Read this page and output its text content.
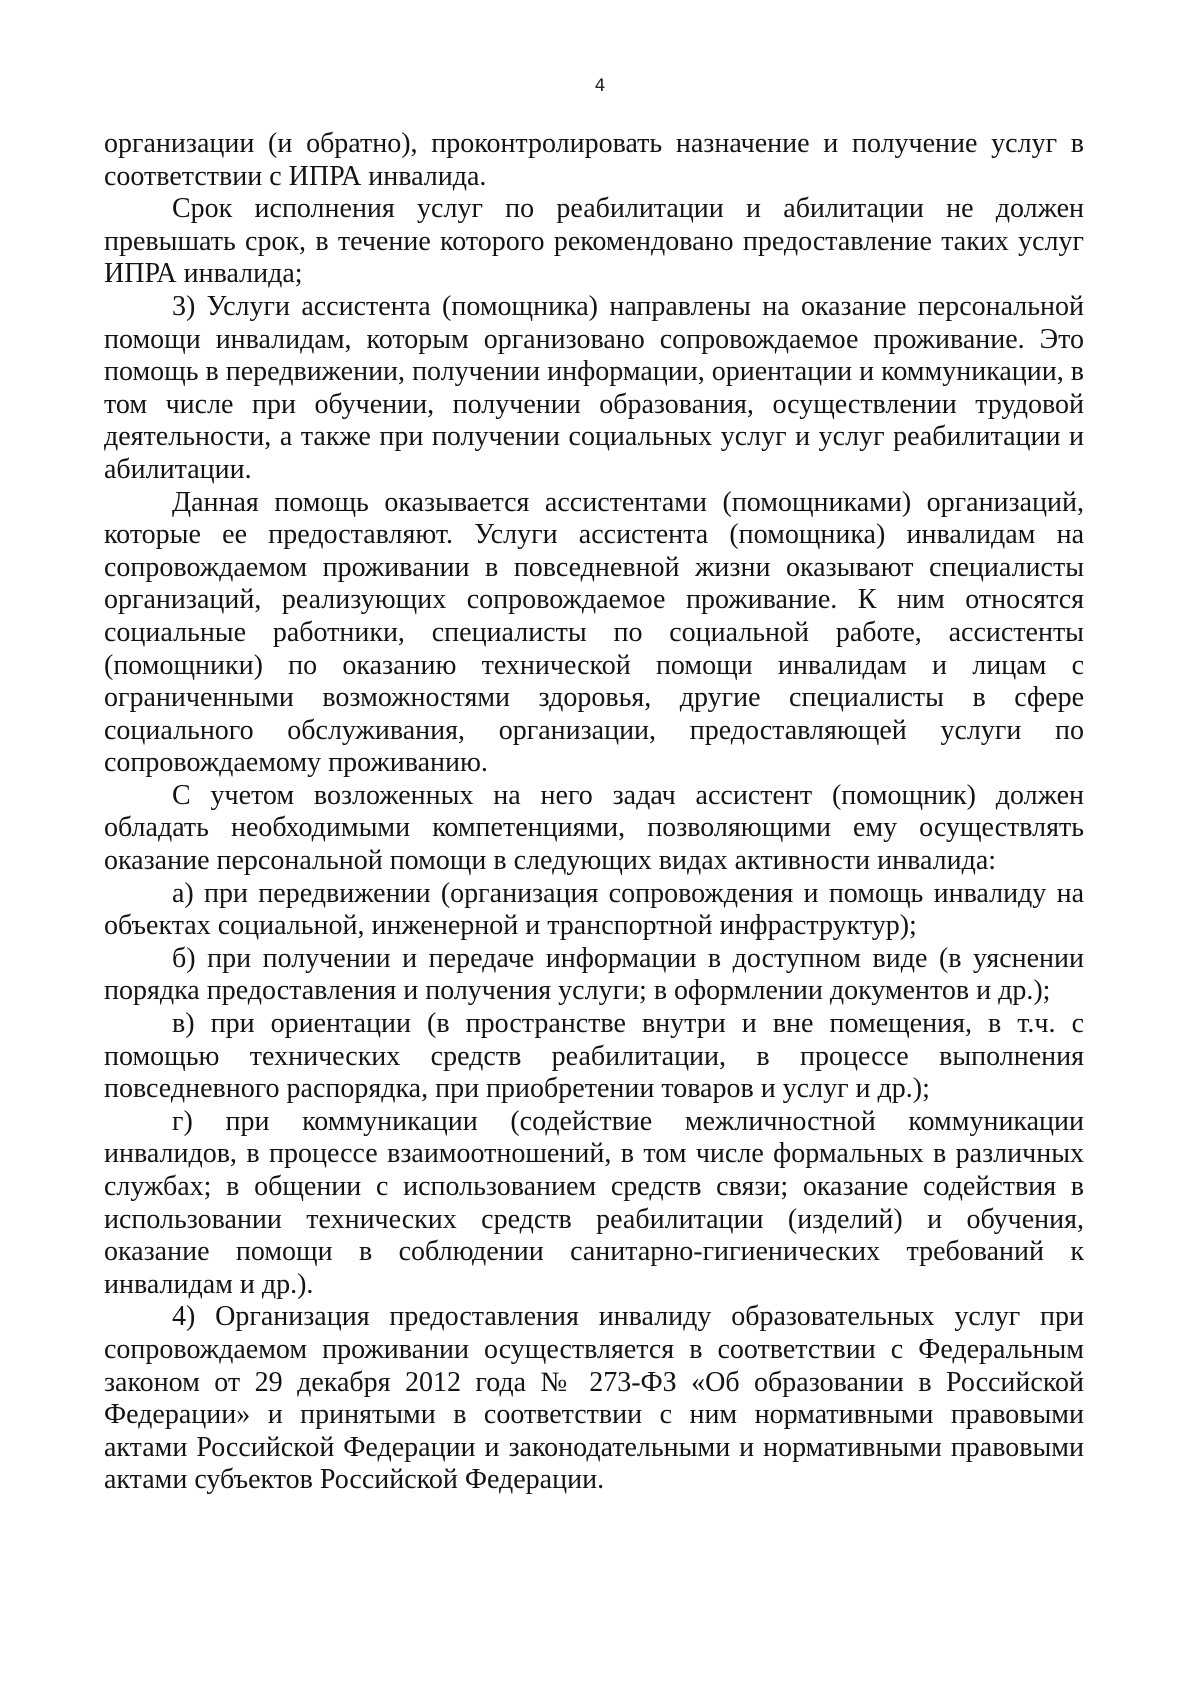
4

организации (и обратно), проконтролировать назначение и получение услуг в соответствии с ИПРА инвалида.

Срок исполнения услуг по реабилитации и абилитации не должен превышать срок, в течение которого рекомендовано предоставление таких услуг ИПРА инвалида;

3) Услуги ассистента (помощника) направлены на оказание персональной помощи инвалидам, которым организовано сопровождаемое проживание. Это помощь в передвижении, получении информации, ориентации и коммуникации, в том числе при обучении, получении образования, осуществлении трудовой деятельности, а также при получении социальных услуг и услуг реабилитации и абилитации.

Данная помощь оказывается ассистентами (помощниками) организаций, которые ее предоставляют. Услуги ассистента (помощника) инвалидам на сопровождаемом проживании в повседневной жизни оказывают специалисты организаций, реализующих сопровождаемое проживание. К ним относятся социальные работники, специалисты по социальной работе, ассистенты (помощники) по оказанию технической помощи инвалидам и лицам с ограниченными возможностями здоровья, другие специалисты в сфере социального обслуживания, организации, предоставляющей услуги по сопровождаемому проживанию.

С учетом возложенных на него задач ассистент (помощник) должен обладать необходимыми компетенциями, позволяющими ему осуществлять оказание персональной помощи в следующих видах активности инвалида:

а) при передвижении (организация сопровождения и помощь инвалиду на объектах социальной, инженерной и транспортной инфраструктур);

б) при получении и передаче информации в доступном виде (в уяснении порядка предоставления и получения услуги; в оформлении документов и др.);

в) при ориентации (в пространстве внутри и вне помещения, в т.ч. с помощью технических средств реабилитации, в процессе выполнения повседневного распорядка, при приобретении товаров и услуг и др.);

г) при коммуникации (содействие межличностной коммуникации инвалидов, в процессе взаимоотношений, в том числе формальных в различных службах; в общении с использованием средств связи; оказание содействия в использовании технических средств реабилитации (изделий) и обучения, оказание помощи в соблюдении санитарно-гигиенических требований к инвалидам и др.).

4) Организация предоставления инвалиду образовательных услуг при сопровождаемом проживании осуществляется в соответствии с Федеральным законом от 29 декабря 2012 года № 273-ФЗ «Об образовании в Российской Федерации» и принятыми в соответствии с ним нормативными правовыми актами Российской Федерации и законодательными и нормативными правовыми актами субъектов Российской Федерации.
